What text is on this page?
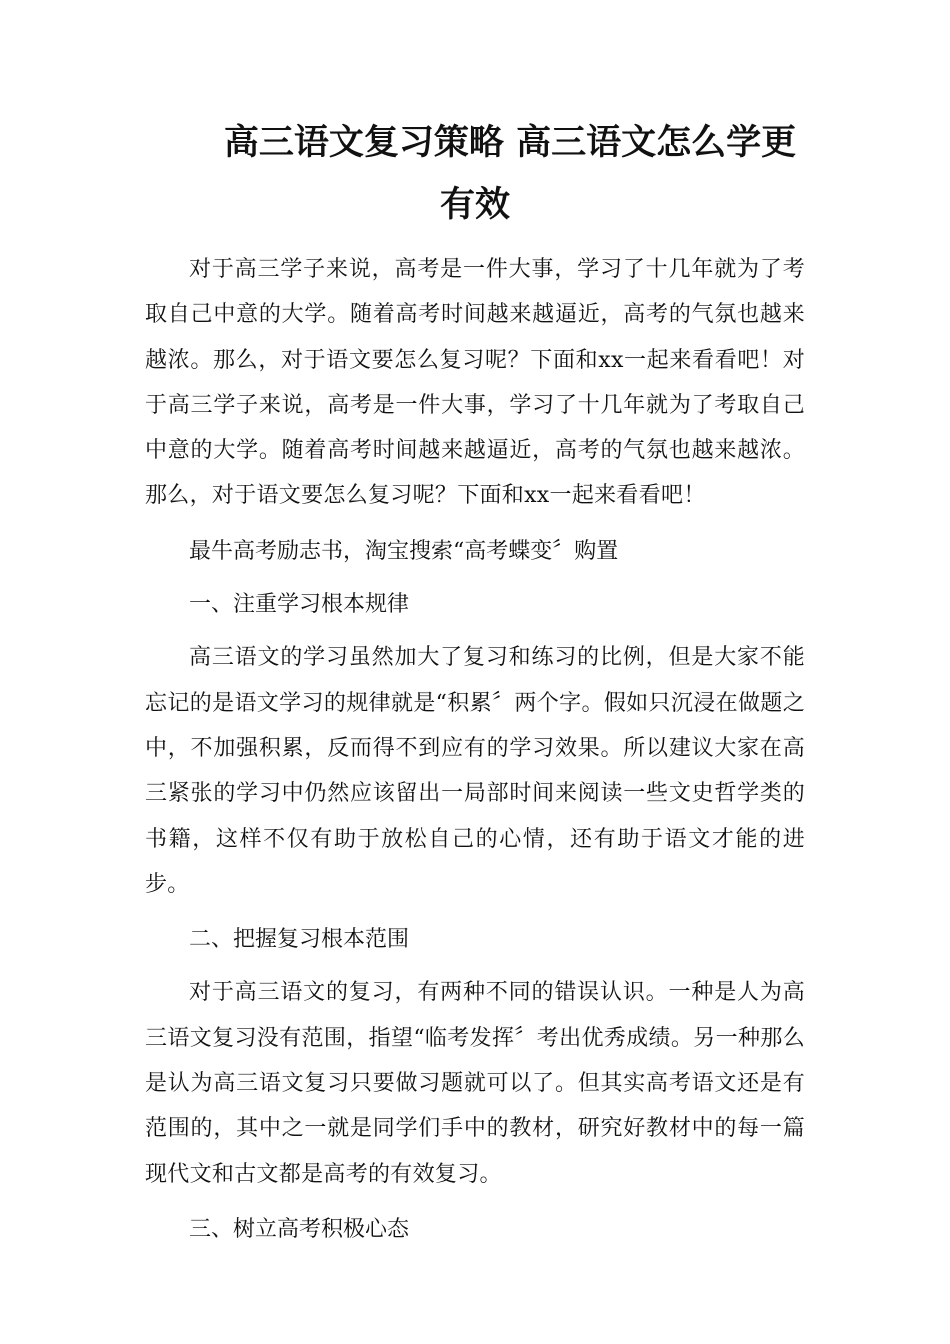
高三语文复习策略 高三语文怎么学更有效

对于高三学子来说，高考是一件大事，学习了十几年就为了考取自己中意的大学。随着高考时间越来越逼近，高考的气氛也越来越浓。那么，对于语文要怎么复习呢？下面和xx一起来看看吧！对于高三学子来说，高考是一件大事，学习了十几年就为了考取自己中意的大学。随着高考时间越来越逼近，高考的气氛也越来越浓。那么，对于语文要怎么复习呢？下面和xx一起来看看吧！

最牛高考励志书，淘宝搜索“高考蝶变〞购置

一、注重学习根本规律

高三语文的学习虽然加大了复习和练习的比例，但是大家不能忘记的是语文学习的规律就是“积累〞两个字。假如只沉浸在做题之中，不加强积累，反而得不到应有的学习效果。所以建议大家在高三紧张的学习中仍然应该留出一局部时间来阅读一些文史哲学类的书籍，这样不仅有助于放松自己的心情，还有助于语文才能的进步。

二、把握复习根本范围

对于高三语文的复习，有两种不同的错误认识。一种是人为高三语文复习没有范围，指望“临考发挥〞考出优秀成绩。另一种那么是认为高三语文复习只要做习题就可以了。但其实高考语文还是有范围的，其中之一就是同学们手中的教材，研究好教材中的每一篇现代文和古文都是高考的有效复习。

三、树立高考积极心态
